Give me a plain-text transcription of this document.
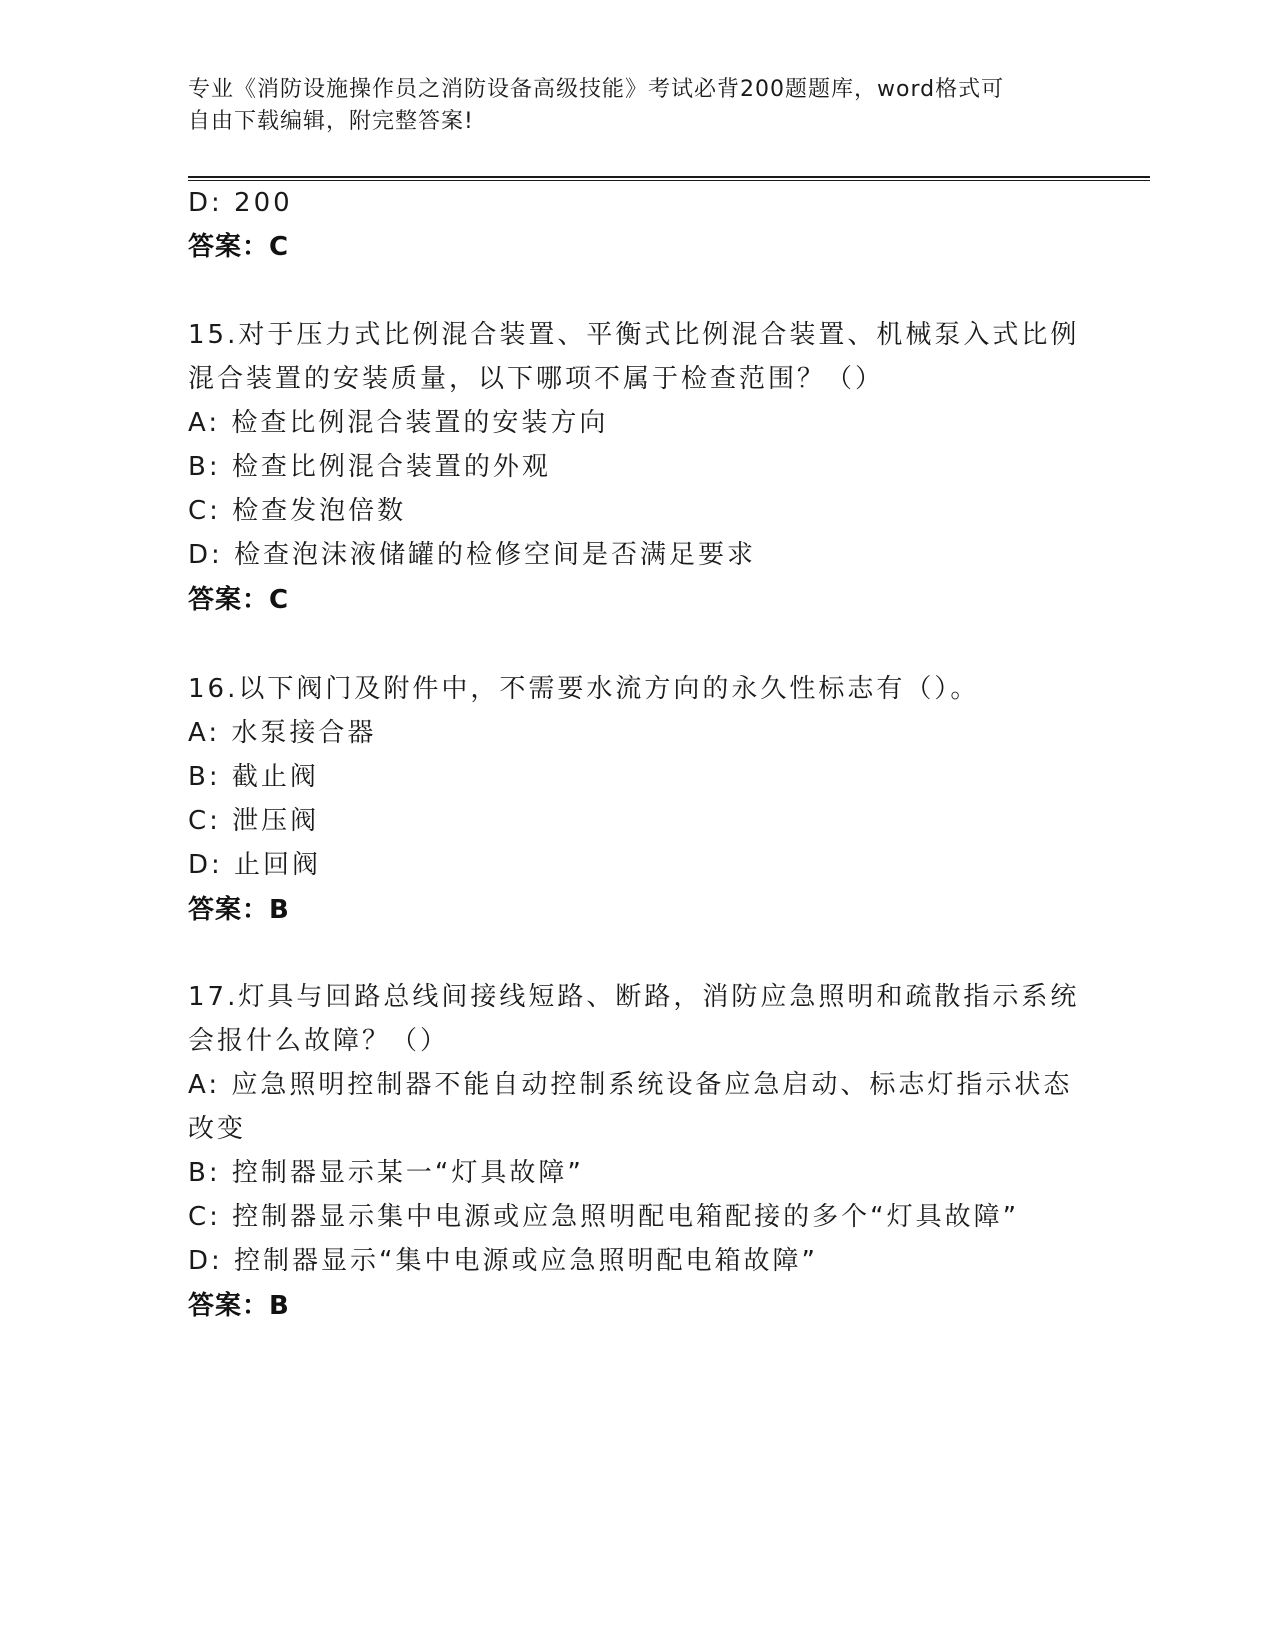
专业《消防设施操作员之消防设备高级技能》考试必背200题题库，word格式可
自由下载编辑，附完整答案!
D: 200
答案：C
15.对于压力式比例混合装置、平衡式比例混合装置、机械泵入式比例
混合装置的安装质量，以下哪项不属于检查范围？（）
A: 检查比例混合装置的安装方向
B: 检查比例混合装置的外观
C: 检查发泡倍数
D: 检查泡沫液储罐的检修空间是否满足要求
答案：C
16.以下阀门及附件中，不需要水流方向的永久性标志有（）。
A: 水泵接合器
B: 截止阀
C: 泄压阀
D: 止回阀
答案：B
17.灯具与回路总线间接线短路、断路，消防应急照明和疏散指示系统
会报什么故障？（）
A: 应急照明控制器不能自动控制系统设备应急启动、标志灯指示状态
改变
B: 控制器显示某一“灯具故障”
C: 控制器显示集中电源或应急照明配电箱配接的多个“灯具故障”
D: 控制器显示“集中电源或应急照明配电箱故障”
答案：B
